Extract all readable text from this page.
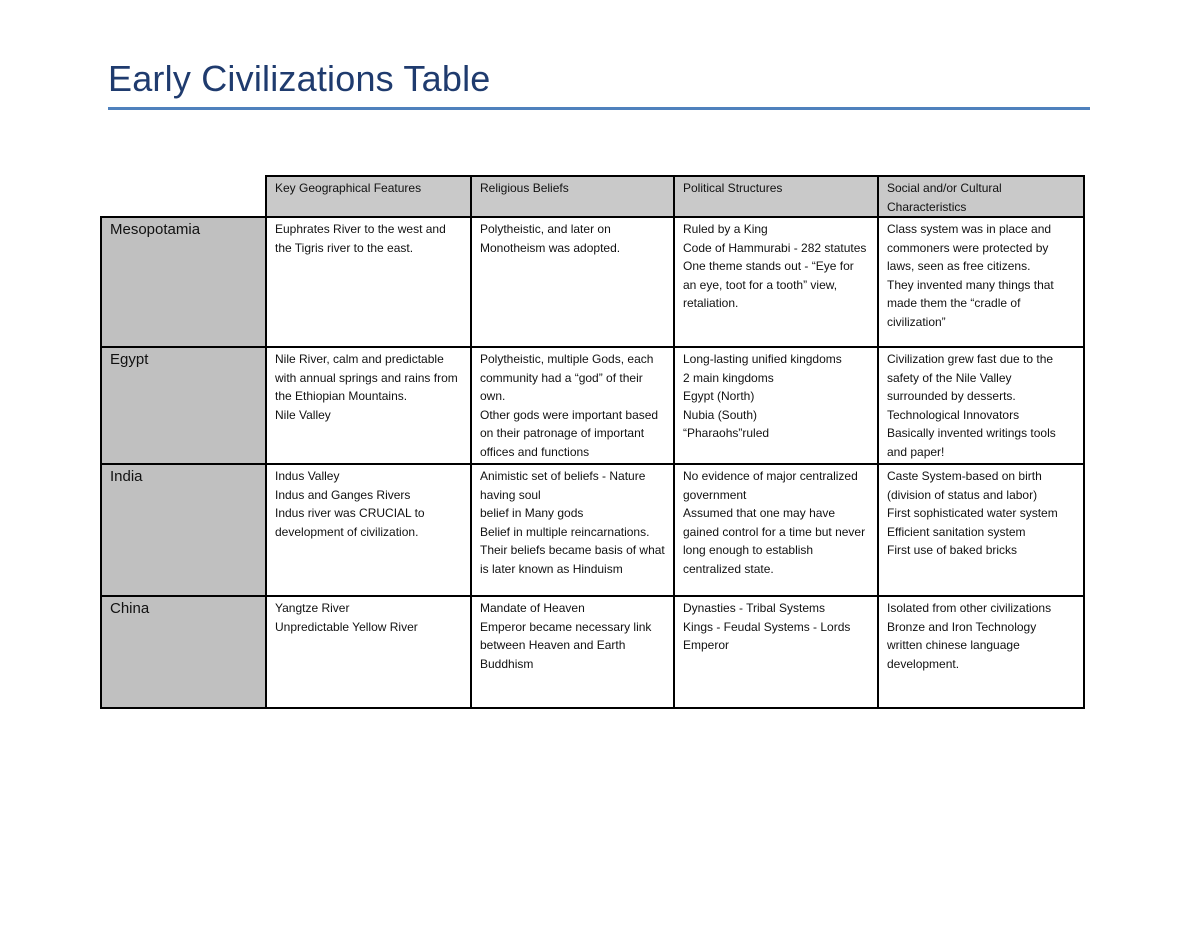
Early Civilizations Table
	Key Geographical Features	Religious Beliefs	Political Structures	Social and/or Cultural Characteristics
Mesopotamia	Euphrates River to the west and the Tigris river to the east.	Polytheistic, and later on Monotheism was adopted.	Ruled by a King
Code of Hammurabi - 282 statutes
One theme stands out - “Eye for an eye, toot for a tooth” view, retaliation.	Class system was in place and commoners were protected by laws, seen as free citizens.
They invented many things that made them the “cradle of civilization”

Egypt	Nile River, calm and predictable with annual springs and rains from the Ethiopian Mountains.
Nile Valley	Polytheistic, multiple Gods, each community had a “god” of their own.
Other gods were important based on their patronage of important offices and functions	Long-lasting unified kingdoms
2 main kingdoms
Egypt (North)
Nubia (South)
“Pharaohs”ruled	Civilization grew fast due to the safety of the Nile Valley surrounded by desserts.
Technological Innovators
Basically invented writings tools and paper!

India	Indus Valley
Indus and Ganges Rivers
Indus river was CRUCIAL to development of civilization.	Animistic set of beliefs - Nature having soul
belief in Many gods
Belief in multiple reincarnations.
Their beliefs became basis of what is later known as Hinduism	No evidence of major centralized government
Assumed that one may have gained control for a time but never long enough to establish centralized state.	Caste System-based on birth (division of status and labor)
First sophisticated water system
Efficient sanitation system
First use of baked bricks

China	Yangtze River
Unpredictable Yellow River	Mandate of Heaven
Emperor became necessary link between Heaven and Earth
Buddhism	Dynasties - Tribal Systems
Kings - Feudal Systems - Lords
Emperor	Isolated from other civilizations
Bronze and Iron Technology
written chinese language development.
